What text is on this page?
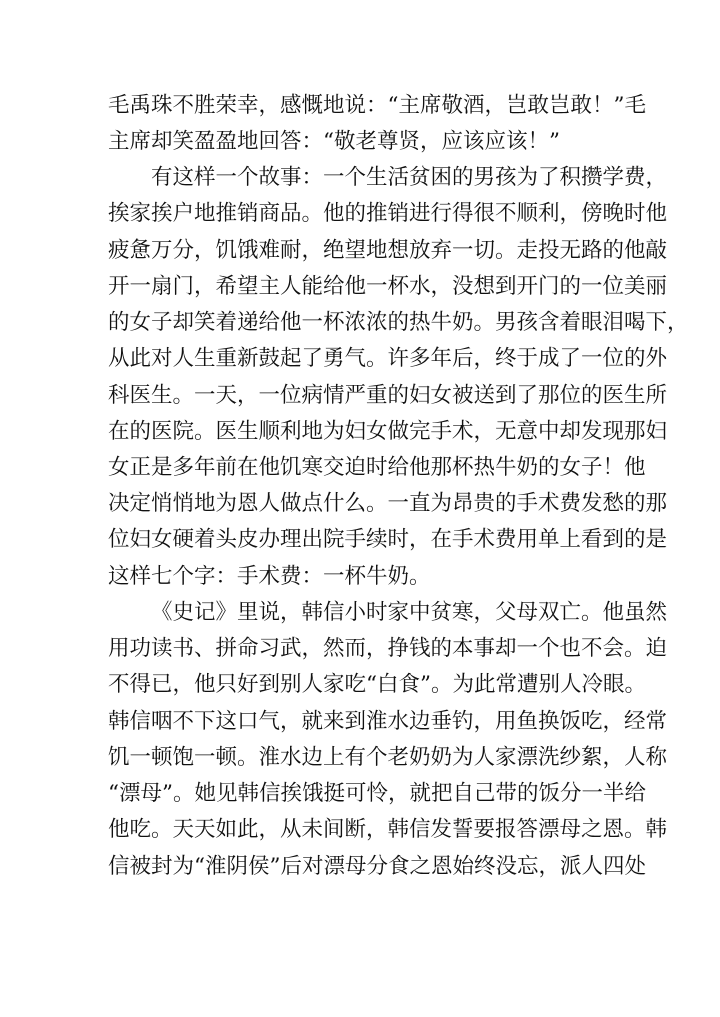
毛禹珠不胜荣幸，感慨地说：“主席敬酒，岂敢岂敢！”毛
主席却笑盈盈地回答：“敬老尊贤，应该应该！”
有这样一个故事：一个生活贫困的男孩为了积攒学费，
挨家挨户地推销商品。他的推销进行得很不顺利，傍晚时他
疲惫万分，饥饿难耐，绝望地想放弃一切。走投无路的他敲
开一扇门，希望主人能给他一杯水，没想到开门的一位美丽
的女子却笑着递给他一杯浓浓的热牛奶。男孩含着眼泪喝下，
从此对人生重新鼓起了勇气。许多年后，终于成了一位的外
科医生。一天，一位病情严重的妇女被送到了那位的医生所
在的医院。医生顺利地为妇女做完手术，无意中却发现那妇
女正是多年前在他饥寒交迫时给他那杯热牛奶的女子！他
决定悄悄地为恩人做点什么。一直为昂贵的手术费发愁的那
位妇女硬着头皮办理出院手续时，在手术费用单上看到的是
这样七个字：手术费：一杯牛奶。
《史记》里说，韩信小时家中贫寒，父母双亡。他虽然
用功读书、拼命习武，然而，挣钱的本事却一个也不会。迫
不得已，他只好到别人家吃“白食”。为此常遭别人冷眼。
韩信咽不下这口气，就来到淮水边垂钓，用鱼换饭吃，经常
饥一顿饱一顿。淮水边上有个老奶奶为人家漂洗纱絮，人称
“漂母”。她见韩信挨饿挺可怜，就把自己带的饭分一半给
他吃。天天如此，从未间断，韩信发誓要报答漂母之恩。韩
信被封为“淮阴侯”后对漂母分食之恩始终没忘，派人四处
